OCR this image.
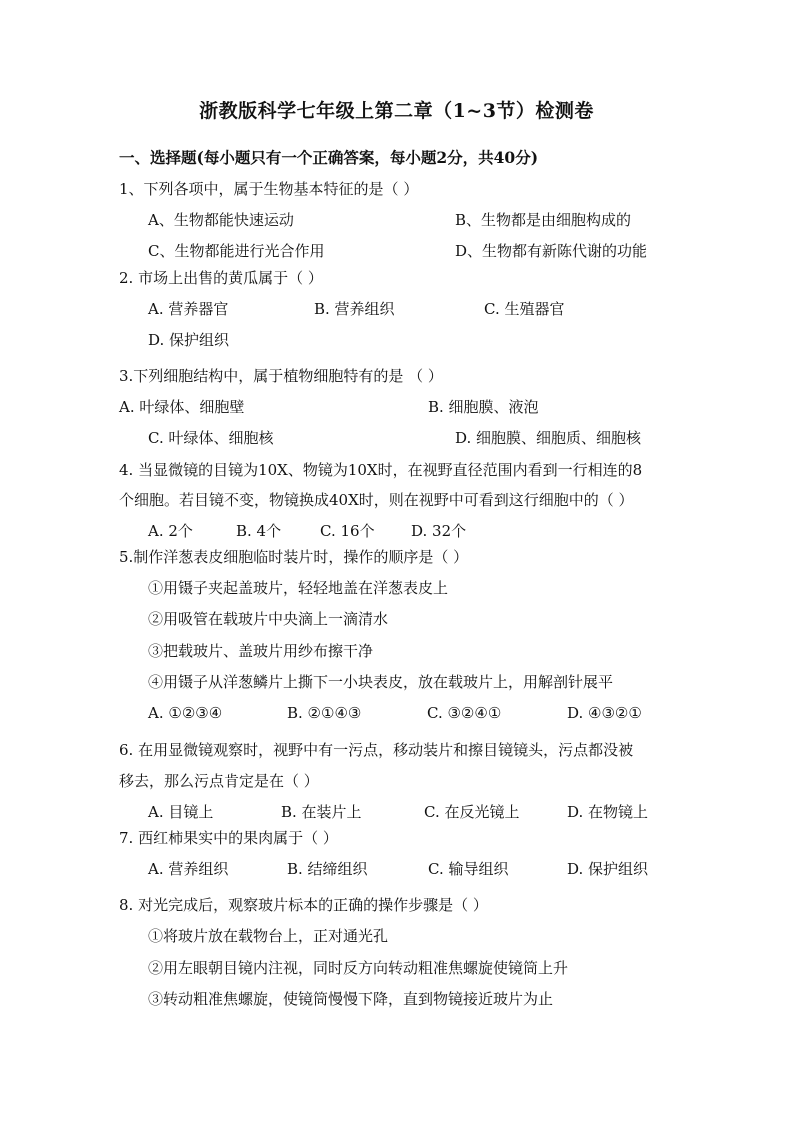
浙教版科学七年级上第二章（1~3节）检测卷
一、选择题(每小题只有一个正确答案，每小题2分，共40分)
1、下列各项中，属于生物基本特征的是（ ）
A、生物都能快速运动	B、生物都是由细胞构成的
C、生物都能进行光合作用	D、生物都有新陈代谢的功能
2. 市场上出售的黄瓜属于（ ）
A. 营养器官	B. 营养组织	C. 生殖器官
D. 保护组织
3.下列细胞结构中，属于植物细胞特有的是 （ ）
A. 叶绿体、细胞壁	B. 细胞膜、液泡
C. 叶绿体、细胞核	D. 细胞膜、细胞质、细胞核
4. 当显微镜的目镜为10X、物镜为10X时，在视野直径范围内看到一行相连的8
个细胞。若目镜不变，物镜换成40X时，则在视野中可看到这行细胞中的（ ）
A. 2个	B. 4个	C. 16个 D. 32个
5.制作洋葱表皮细胞临时装片时，操作的顺序是（ ）
①用镊子夹起盖玻片，轻轻地盖在洋葱表皮上
②用吸管在载玻片中央滴上一滴清水
③把载玻片、盖玻片用纱布擦干净
④用镊子从洋葱鳞片上撕下一小块表皮，放在载玻片上，用解剖针展平
A. ①②③④	B. ②①④③	C. ③②④①	D. ④③②①
6. 在用显微镜观察时，视野中有一污点，移动装片和擦目镜镜头，污点都没被
移去，那么污点肯定是在（ ）
A. 目镜上	B. 在装片上	C. 在反光镜上	D. 在物镜上
7. 西红柿果实中的果肉属于（ ）
A. 营养组织	B. 结缔组织	C. 输导组织	D. 保护组织
8. 对光完成后，观察玻片标本的正确的操作步骤是（ ）
①将玻片放在载物台上，正对通光孔
②用左眼朝目镜内注视，同时反方向转动粗准焦螺旋使镜筒上升
③转动粗准焦螺旋，使镜筒慢慢下降，直到物镜接近玻片为止
